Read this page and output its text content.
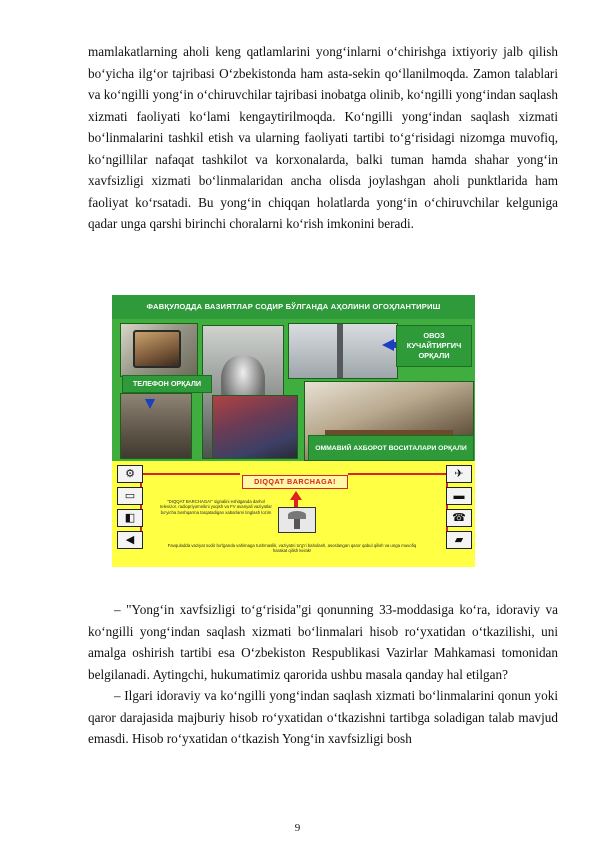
mamlakatlarning aholi keng qatlamlarini yong‘inlarni o‘chirishga ixtiyoriy jalb qilish bo‘yicha ilg‘or tajribasi O‘zbekistonda ham asta-sekin qo‘llanilmoqda. Zamon talablari va ko‘ngilli yong‘in o‘chiruvchilar tajribasi inobatga olinib, ko‘ngilli yong‘indan saqlash xizmati faoliyati ko‘lami kengaytirilmoqda. Ko‘ngilli yong‘indan saqlash xizmati bo‘linmalarini tashkil etish va ularning faoliyati tartibi to‘g‘risidagi nizomga muvofiq, ko‘ngillilar nafaqat tashkilot va korxonalarda, balki tuman hamda shahar yong‘in xavfsizligi xizmati bo‘linmalaridan ancha olisda joylashgan aholi punktlarida ham faoliyat ko‘rsatadi. Bu yong‘in chiqqan holatlarda yong‘in o‘chiruvchilar kelguniga qadar unga qarshi birinchi choralarni ko‘rish imkonini beradi.

ФАВҚУЛОДДА ВАЗИЯТЛАР СОДИР БЎЛГАНДА АҲОЛИНИ ОГОҲЛАНТИРИШ
ТЕЛЕФОН ОРҚАЛИ
ОВОЗ КУЧАЙТИРГИЧ ОРҚАЛИ
ОММАВИЙ АХБОРОТ ВОСИТАЛАРИ ОРҚАЛИ
⚙
▭
◧
◀
✈
▬
☎
▰
DIQQAT BARCHAGA!
"DIQQAT BARCHAGA!" signalini eshitganda darhol televizor, radiopriyomnikni yoqish va FV avariyali vaziyatlar bo'yicha boshqarma tarqatadigan xabarlarni tinglash lozim
Favqulodda vaziyat sodir bo'lganda vahimaga tushmaslik, vaziyatni to'g'ri baholash, asoslangan qaror qabul qilish va unga muvofiq harakat qilish kerak!

– "Yong‘in xavfsizligi to‘g‘risida"gi qonunning 33-moddasiga ko‘ra, idoraviy va ko‘ngilli yong‘indan saqlash xizmati bo‘linmalari hisob ro‘yxatidan o‘tkazilishi, uni amalga oshirish tartibi esa O‘zbekiston Respublikasi Vazirlar Mahkamasi tomonidan belgilanadi. Aytingchi, hukumatimiz qarorida ushbu masala qanday hal etilgan?

– Ilgari idoraviy va ko‘ngilli yong‘indan saqlash xizmati bo‘linmalarini qonun yoki qaror darajasida majburiy hisob ro‘yxatidan o‘tkazishni tartibga soladigan talab mavjud emasdi. Hisob ro‘yxatidan o‘tkazish Yong‘in xavfsizligi bosh

9
